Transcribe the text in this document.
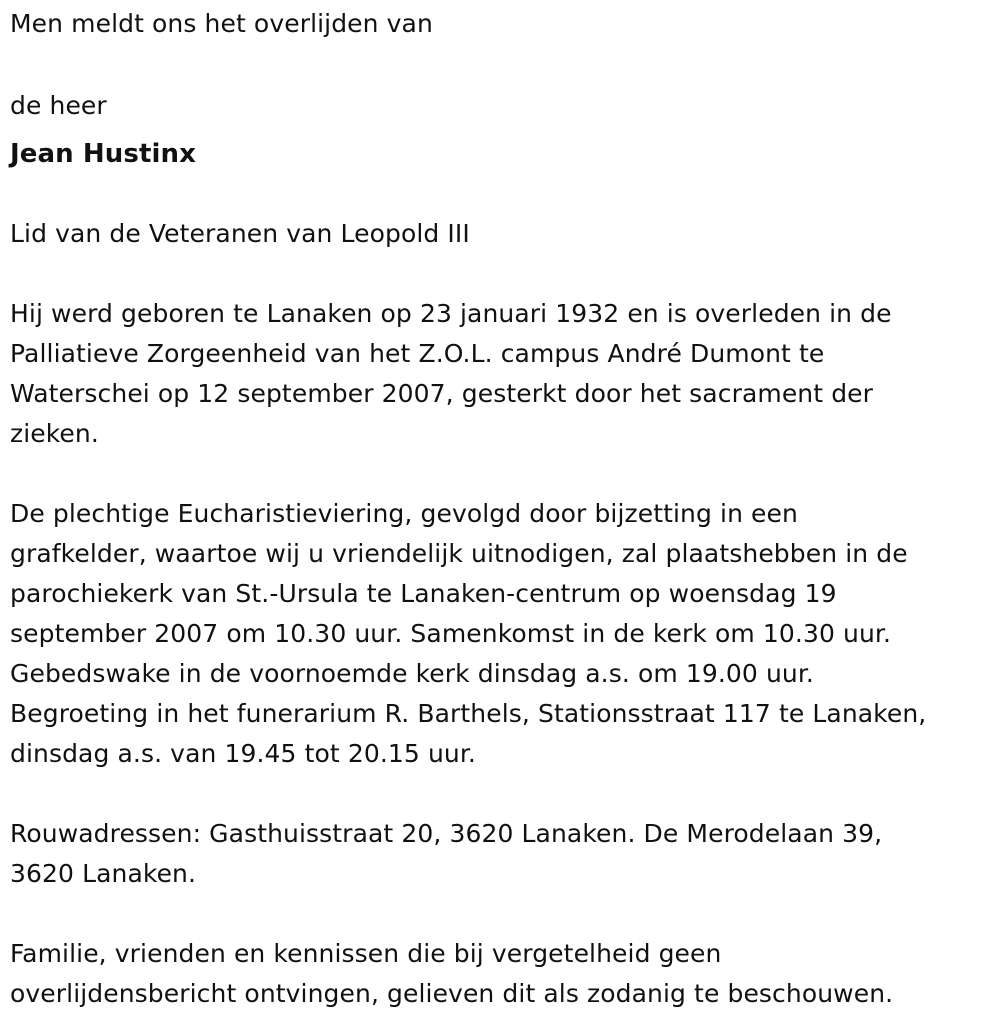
Men meldt ons het overlijden van

de heer

Jean Hustinx

Lid van de Veteranen van Leopold III

Hij werd geboren te Lanaken op 23 januari 1932 en is overleden in de

Palliatieve Zorgeenheid van het Z.O.L. campus André Dumont te

Waterschei op 12 september 2007, gesterkt door het sacrament der

zieken.

De plechtige Eucharistieviering, gevolgd door bijzetting in een

grafkelder, waartoe wij u vriendelijk uitnodigen, zal plaatshebben in de

parochiekerk van St.-Ursula te Lanaken-centrum op woensdag 19

september 2007 om 10.30 uur. Samenkomst in de kerk om 10.30 uur.

Gebedswake in de voornoemde kerk dinsdag a.s. om 19.00 uur.

Begroeting in het funerarium R. Barthels, Stationsstraat 117 te Lanaken,

dinsdag a.s. van 19.45 tot 20.15 uur.

Rouwadressen: Gasthuisstraat 20, 3620 Lanaken. De Merodelaan 39,

3620 Lanaken.

Familie, vrienden en kennissen die bij vergetelheid geen

overlijdensbericht ontvingen, gelieven dit als zodanig te beschouwen.
